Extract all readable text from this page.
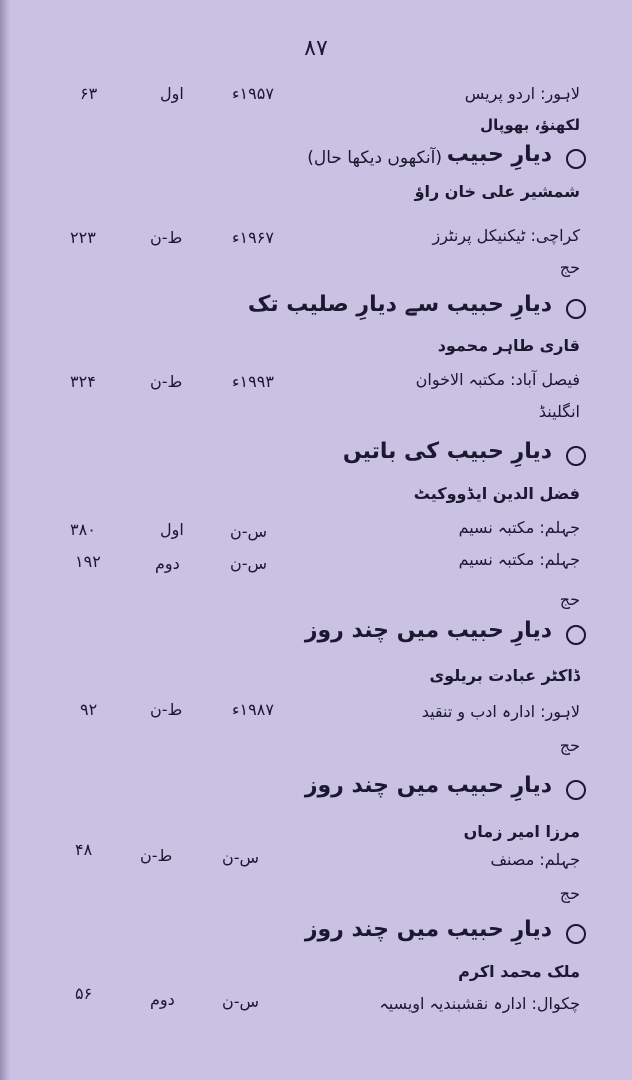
۸۷
لاہور: اردو پریس
۱۹۵۷ء
اول
۶۳
لکھنؤ، بھوپال
دیارِ حبیب
(آنکھوں دیکھا حال)
شمشیر علی خان راؤ
کراچی: ٹیکنیکل پرنٹرز
۱۹۶۷ء
ط-ن
۲۲۳
حج
دیارِ حبیب سے دیارِ صلیب تک
قاری طاہر محمود
فیصل آباد: مکتبہ الاخوان
۱۹۹۳ء
ط-ن
۳۲۴
انگلینڈ
دیارِ حبیب کی باتیں
فضل الدین ایڈووکیٹ
جہلم: مکتبہ نسیم
س-ن
اول
۳۸۰
جہلم: مکتبہ نسیم
س-ن
دوم
۱۹۲
حج
دیارِ حبیب میں چند روز
ڈاکٹر عبادت بریلوی
لاہور: ادارہ ادب و تنقید
۱۹۸۷ء
ط-ن
۹۲
حج
دیارِ حبیب میں چند روز
مرزا امیر زماں
جہلم: مصنف
س-ن
ط-ن
۴۸
حج
دیارِ حبیب میں چند روز
ملک محمد اکرم
چکوال: ادارہ نقشبندیہ اویسیہ
س-ن
دوم
۵۶
